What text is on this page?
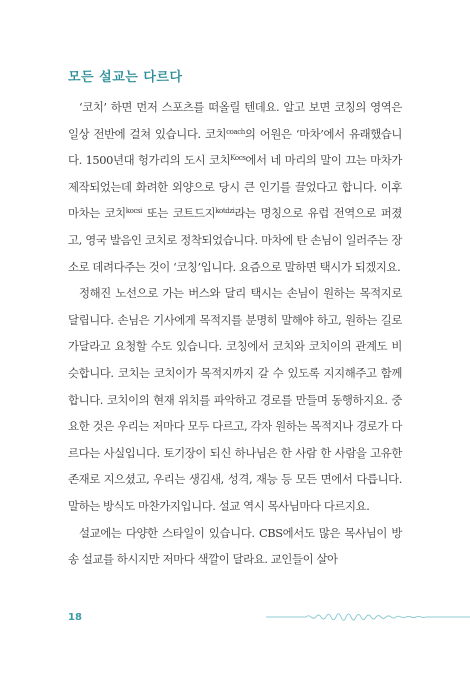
모든 설교는 다르다

‘코치’ 하면 먼저 스포츠를 떠올릴 텐데요. 알고 보면 코칭의 영역은 일상 전반에 걸쳐 있습니다. 코치$^{coach}$의 어원은 ‘마차’에서 유래했습니다. 1500년대 헝가리의 도시 코치$^{Kocs}$에서 네 마리의 말이 끄는 마차가 제작되었는데 화려한 외양으로 당시 큰 인기를 끌었다고 합니다. 이후 마차는 코치$^{kocsi}$ 또는 코트드지$^{kotdzi}$라는 명칭으로 유럽 전역으로 퍼졌고, 영국 발음인 코치로 정착되었습니다. 마차에 탄 손님이 일러주는 장소로 데려다주는 것이 ‘코칭’입니다. 요즘으로 말하면 택시가 되겠지요.

정해진 노선으로 가는 버스와 달리 택시는 손님이 원하는 목적지로 달립니다. 손님은 기사에게 목적지를 분명히 말해야 하고, 원하는 길로 가달라고 요청할 수도 있습니다. 코칭에서 코치와 코치이의 관계도 비슷합니다. 코치는 코치이가 목적지까지 갈 수 있도록 지지해주고 함께합니다. 코치이의 현재 위치를 파악하고 경로를 만들며 동행하지요. 중요한 것은 우리는 저마다 모두 다르고, 각자 원하는 목적지나 경로가 다르다는 사실입니다. 토기장이 되신 하나님은 한 사람 한 사람을 고유한 존재로 지으셨고, 우리는 생김새, 성격, 재능 등 모든 면에서 다릅니다. 말하는 방식도 마찬가지입니다. 설교 역시 목사님마다 다르지요.

설교에는 다양한 스타일이 있습니다. CBS에서도 많은 목사님이 방송 설교를 하시지만 저마다 색깔이 달라요. 교인들이 살아

18
